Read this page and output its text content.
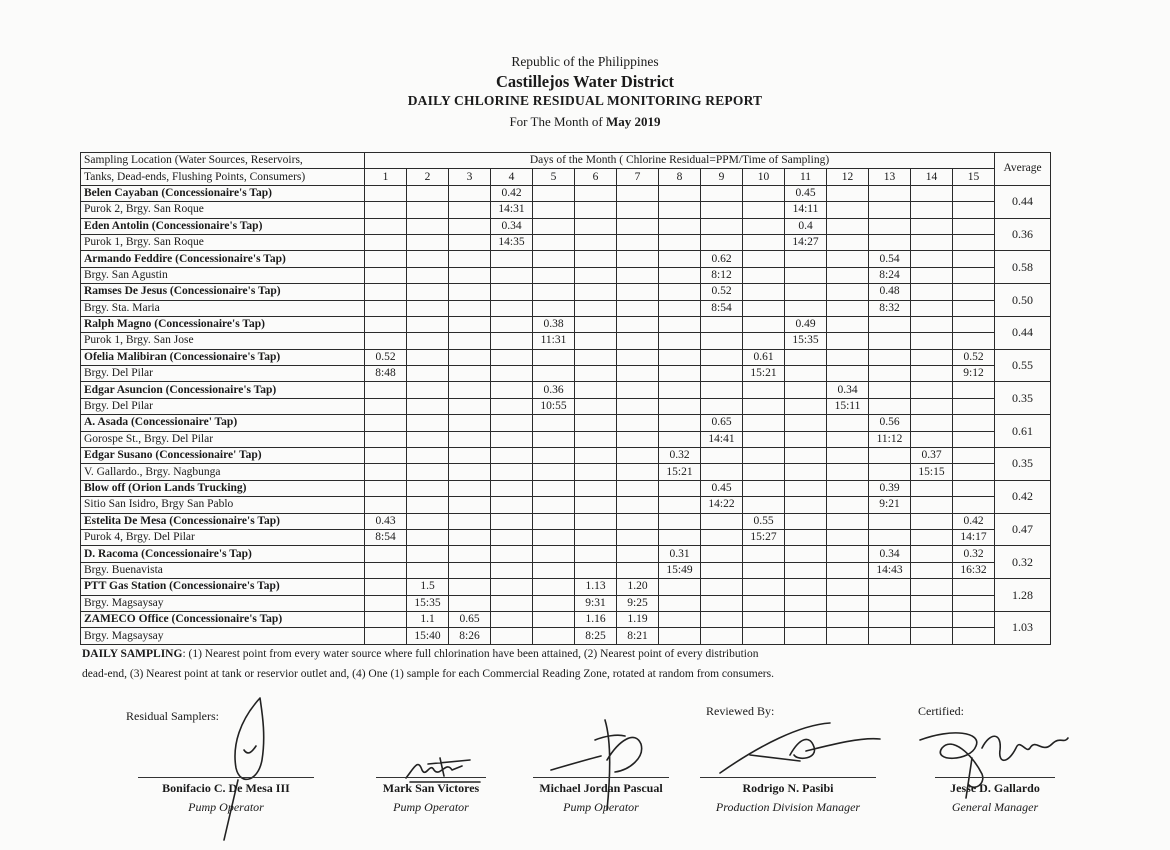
Republic of the Philippines
Castillejos Water District
DAILY CHLORINE RESIDUAL MONITORING REPORT
For The Month of May 2019
Sampling Location (Water Sources, Reservoirs,	Days of the Month ( Chlorine Residual=PPM/Time of Sampling)															Average
Tanks, Dead-ends, Flushing Points, Consumers)	1	2	3	4	5	6	7	8	9	10	11	12	13	14	15	
Belen Cayaban (Concessionaire's Tap)				0.42							0.45					0.44
Purok 2, Brgy. San Roque				14:31							14:11					
Eden Antolin (Concessionaire's Tap)				0.34							0.4					0.36
Purok 1, Brgy. San Roque				14:35							14:27					
Armando Feddire (Concessionaire's Tap)									0.62				0.54			0.58
Brgy. San Agustin									8:12				8:24			
Ramses De Jesus (Concessionaire's Tap)									0.52				0.48			0.50
Brgy. Sta. Maria									8:54				8:32			
Ralph Magno (Concessionaire's Tap)					0.38						0.49					0.44
Purok 1, Brgy. San Jose					11:31						15:35					
Ofelia Malibiran (Concessionaire's Tap)	0.52									0.61					0.52	0.55
Brgy. Del Pilar	8:48									15:21					9:12	
Edgar Asuncion (Concessionaire's Tap)					0.36							0.34				0.35
Brgy. Del Pilar					10:55							15:11				
A. Asada (Concessionaire' Tap)									0.65				0.56			0.61
Gorospe St., Brgy. Del Pilar									14:41				11:12			
Edgar Susano (Concessionaire' Tap)								0.32						0.37		0.35
V. Gallardo., Brgy. Nagbunga								15:21						15:15		
Blow off (Orion Lands Trucking)									0.45				0.39			0.42
Sitio San Isidro, Brgy San Pablo									14:22				9:21			
Estelita De Mesa (Concessionaire's Tap)	0.43									0.55					0.42	0.47
Purok 4, Brgy. Del Pilar	8:54									15:27					14:17	
D. Racoma (Concessionaire's Tap)								0.31					0.34		0.32	0.32
Brgy. Buenavista								15:49					14:43		16:32	
PTT Gas Station (Concessionaire's Tap)		1.5				1.13	1.20									1.28
Brgy. Magsaysay		15:35				9:31	9:25									
ZAMECO Office (Concessionaire's Tap)		1.1	0.65			1.16	1.19									1.03
Brgy. Magsaysay		15:40	8:26			8:25	8:21									
DAILY SAMPLING: (1) Nearest point from every water source where full chlorination have been attained, (2) Nearest point of every distribution
dead-end, (3) Nearest point at tank or reservior outlet and, (4) One (1) sample for each Commercial Reading Zone, rotated at random from consumers.
Residual Samplers:	Reviewed By:	Certified:
Bonifacio C. De Mesa III
Pump Operator
Mark San Victores
Pump Operator
Michael Jordan Pascual
Pump Operator
Rodrigo N. Pasibi
Production Division Manager
Jesse D. Gallardo
General Manager
